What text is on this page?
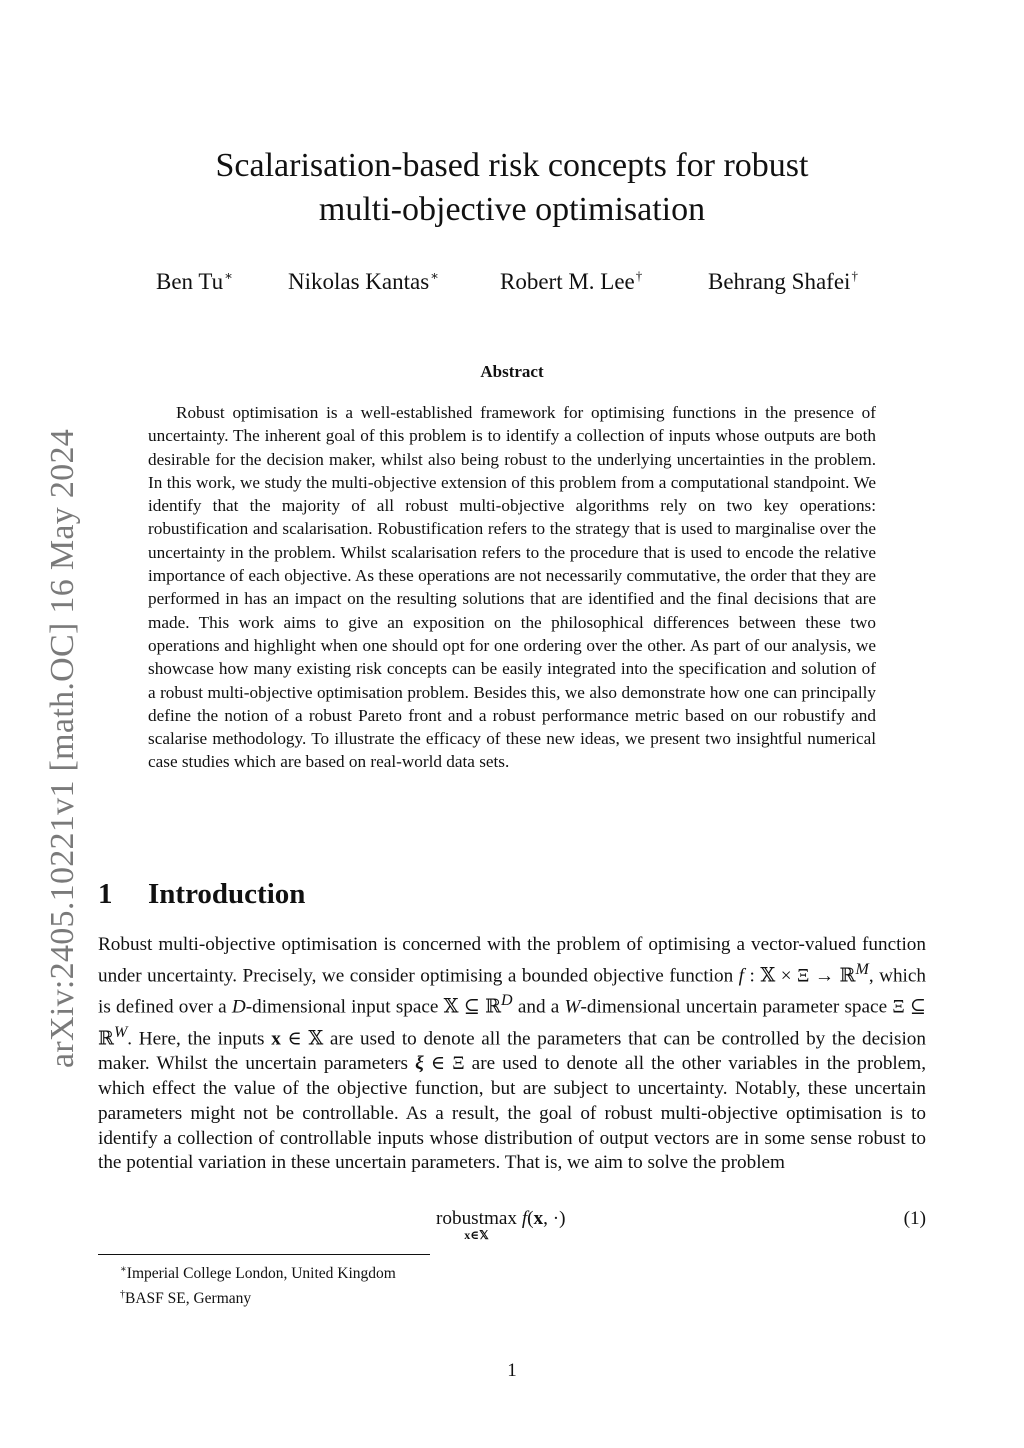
arXiv:2405.10221v1 [math.OC] 16 May 2024
Scalarisation-based risk concepts for robust
multi-objective optimisation
Ben Tu∗ Nikolas Kantas∗	Robert M. Lee†	Behrang Shafei†
Abstract

Robust optimisation is a well-established framework for optimising functions in the presence of uncertainty. The inherent goal of this problem is to identify a collection of inputs whose outputs are both desirable for the decision maker, whilst also being robust to the underlying uncertainties in the problem. In this work, we study the multi-objective extension of this problem from a computational standpoint. We identify that the majority of all robust multi-objective algorithms rely on two key operations: robustification and scalarisation. Robustification refers to the strategy that is used to marginalise over the uncertainty in the problem. Whilst scalarisation refers to the procedure that is used to encode the relative importance of each objective. As these operations are not necessarily commutative, the order that they are performed in has an impact on the resulting solutions that are identified and the final decisions that are made. This work aims to give an exposition on the philosophical differences between these two operations and highlight when one should opt for one ordering over the other. As part of our analysis, we showcase how many existing risk concepts can be easily integrated into the specification and solution of a robust multi-objective optimisation problem. Besides this, we also demonstrate how one can principally define the notion of a robust Pareto front and a robust performance metric based on our robustify and scalarise methodology. To illustrate the efficacy of these new ideas, we present two insightful numerical case studies which are based on real-world data sets.

1 Introduction

Robust multi-objective optimisation is concerned with the problem of optimising a vector-valued function under uncertainty. Precisely, we consider optimising a bounded objective function f : 𝕏 × Ξ → ℝ$^M$, which is defined over a D-dimensional input space 𝕏 ⊆ ℝ$^D$ and a W-dimensional uncertain parameter space Ξ ⊆ ℝ$^W$. Here, the inputs x ∈ 𝕏 are used to denote all the parameters that can be controlled by the decision maker. Whilst the uncertain parameters ξ ∈ Ξ are used to denote all the other variables in the problem, which effect the value of the objective function, but are subject to uncertainty. Notably, these uncertain parameters might not be controllable. As a result, the goal of robust multi-objective optimisation is to identify a collection of controllable inputs whose distribution of output vectors are in some sense robust to the potential variation in these uncertain parameters. That is, we aim to solve the problem

robustmax
x∈𝕏
f(x, ·)	(1)
∗Imperial College London, United Kingdom
†BASF SE, Germany
1
